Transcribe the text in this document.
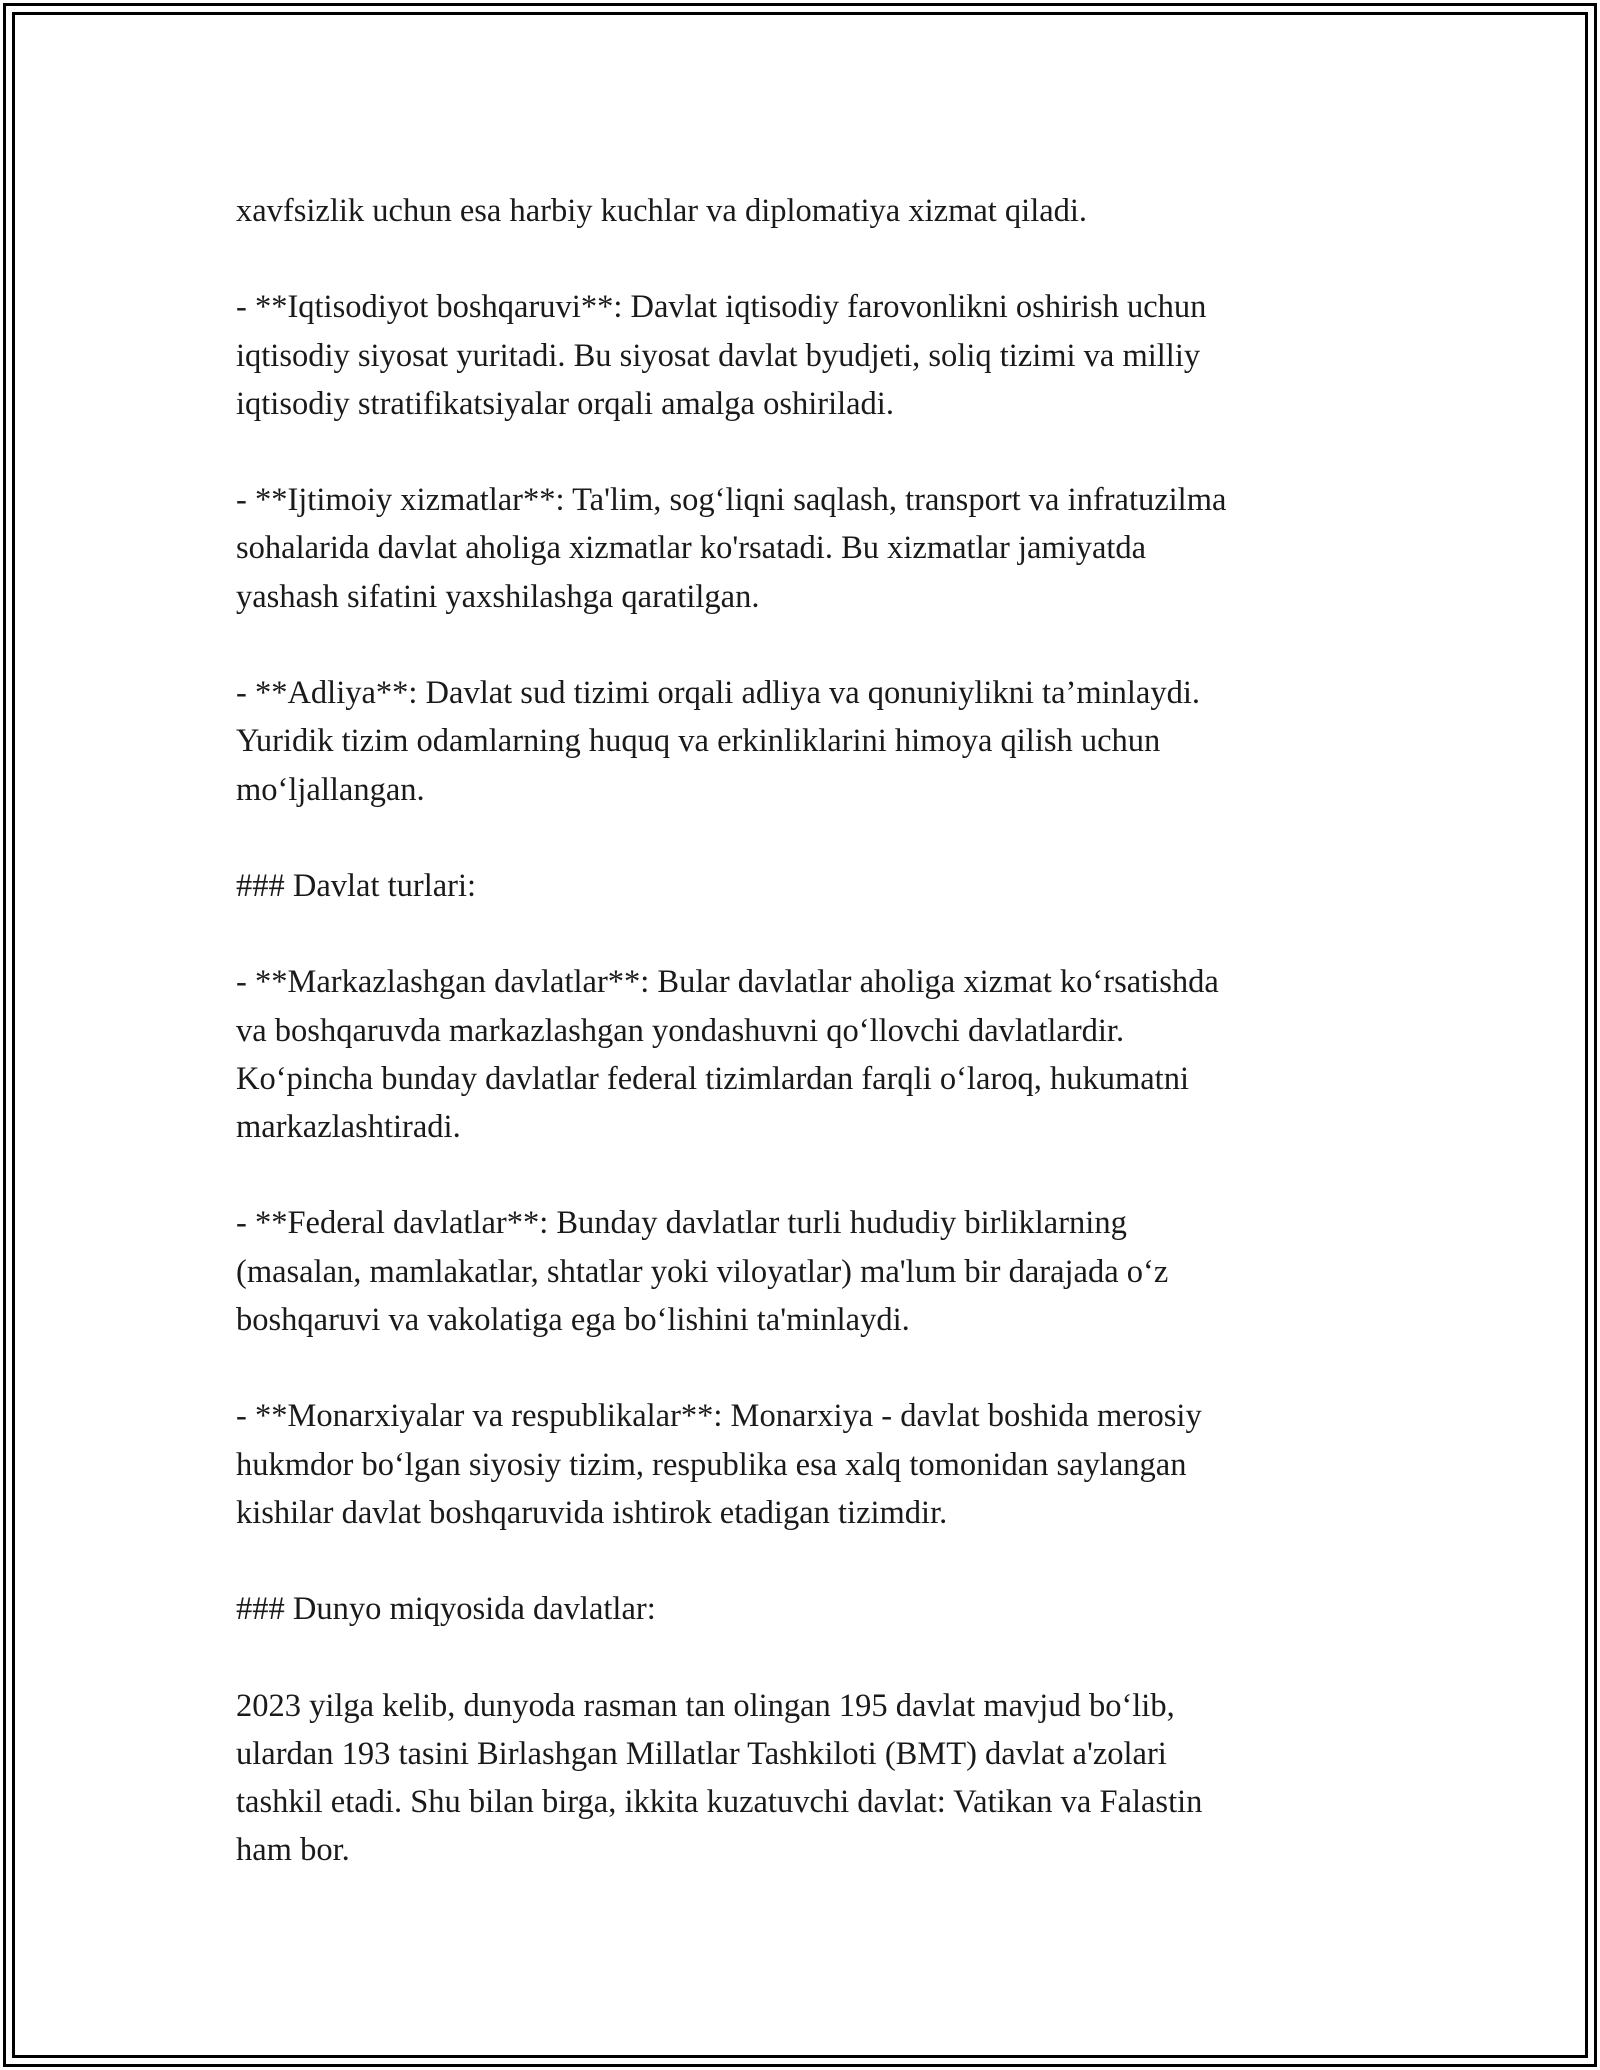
xavfsizlik uchun esa harbiy kuchlar va diplomatiya xizmat qiladi.

- **Iqtisodiyot boshqaruvi**: Davlat iqtisodiy farovonlikni oshirish uchun
iqtisodiy siyosat yuritadi. Bu siyosat davlat byudjeti, soliq tizimi va milliy
iqtisodiy stratifikatsiyalar orqali amalga oshiriladi.

- **Ijtimoiy xizmatlar**: Ta'lim, sog‘liqni saqlash, transport va infratuzilma
sohalarida davlat aholiga xizmatlar ko'rsatadi. Bu xizmatlar jamiyatda
yashash sifatini yaxshilashga qaratilgan.

- **Adliya**: Davlat sud tizimi orqali adliya va qonuniylikni ta’minlaydi.
Yuridik tizim odamlarning huquq va erkinliklarini himoya qilish uchun
mo‘ljallangan.

### Davlat turlari:

- **Markazlashgan davlatlar**: Bular davlatlar aholiga xizmat ko‘rsatishda
va boshqaruvda markazlashgan yondashuvni qo‘llovchi davlatlardir.
Ko‘pincha bunday davlatlar federal tizimlardan farqli o‘laroq, hukumatni
markazlashtiradi.

- **Federal davlatlar**: Bunday davlatlar turli hududiy birliklarning
(masalan, mamlakatlar, shtatlar yoki viloyatlar) ma'lum bir darajada o‘z
boshqaruvi va vakolatiga ega bo‘lishini ta'minlaydi.

- **Monarxiyalar va respublikalar**: Monarxiya - davlat boshida merosiy
hukmdor bo‘lgan siyosiy tizim, respublika esa xalq tomonidan saylangan
kishilar davlat boshqaruvida ishtirok etadigan tizimdir.

### Dunyo miqyosida davlatlar:

2023 yilga kelib, dunyoda rasman tan olingan 195 davlat mavjud bo‘lib,
ulardan 193 tasini Birlashgan Millatlar Tashkiloti (BMT) davlat a'zolari
tashkil etadi. Shu bilan birga, ikkita kuzatuvchi davlat: Vatikan va Falastin
ham bor.
